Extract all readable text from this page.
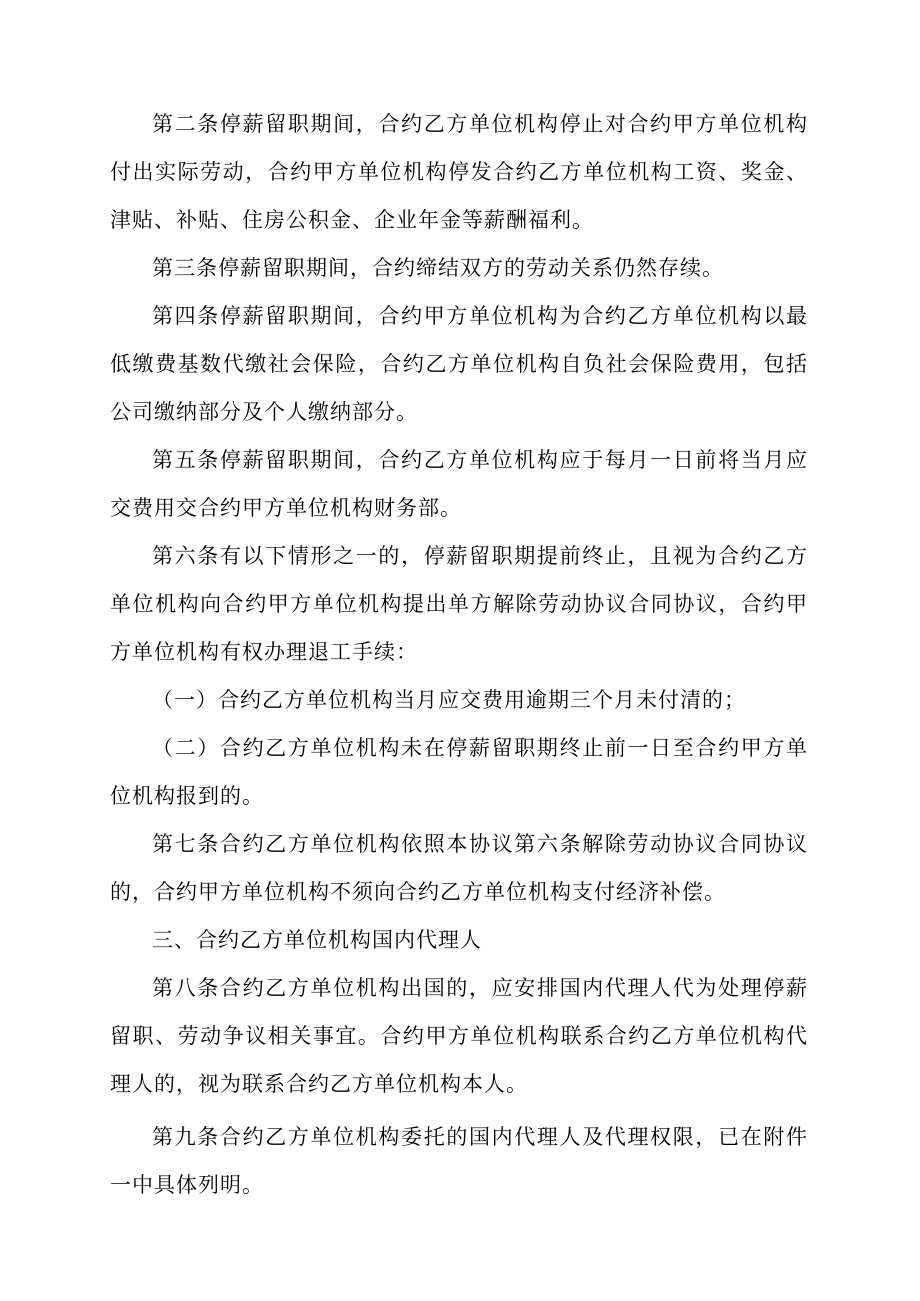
第二条停薪留职期间，合约乙方单位机构停止对合约甲方单位机构付出实际劳动，合约甲方单位机构停发合约乙方单位机构工资、奖金、津贴、补贴、住房公积金、企业年金等薪酬福利。

第三条停薪留职期间，合约缔结双方的劳动关系仍然存续。

第四条停薪留职期间，合约甲方单位机构为合约乙方单位机构以最低缴费基数代缴社会保险，合约乙方单位机构自负社会保险费用，包括公司缴纳部分及个人缴纳部分。

第五条停薪留职期间，合约乙方单位机构应于每月一日前将当月应交费用交合约甲方单位机构财务部。

第六条有以下情形之一的，停薪留职期提前终止，且视为合约乙方单位机构向合约甲方单位机构提出单方解除劳动协议合同协议，合约甲方单位机构有权办理退工手续：

（一）合约乙方单位机构当月应交费用逾期三个月未付清的；

（二）合约乙方单位机构未在停薪留职期终止前一日至合约甲方单位机构报到的。

第七条合约乙方单位机构依照本协议第六条解除劳动协议合同协议的，合约甲方单位机构不须向合约乙方单位机构支付经济补偿。

三、合约乙方单位机构国内代理人

第八条合约乙方单位机构出国的，应安排国内代理人代为处理停薪留职、劳动争议相关事宜。合约甲方单位机构联系合约乙方单位机构代理人的，视为联系合约乙方单位机构本人。

第九条合约乙方单位机构委托的国内代理人及代理权限，已在附件一中具体列明。
